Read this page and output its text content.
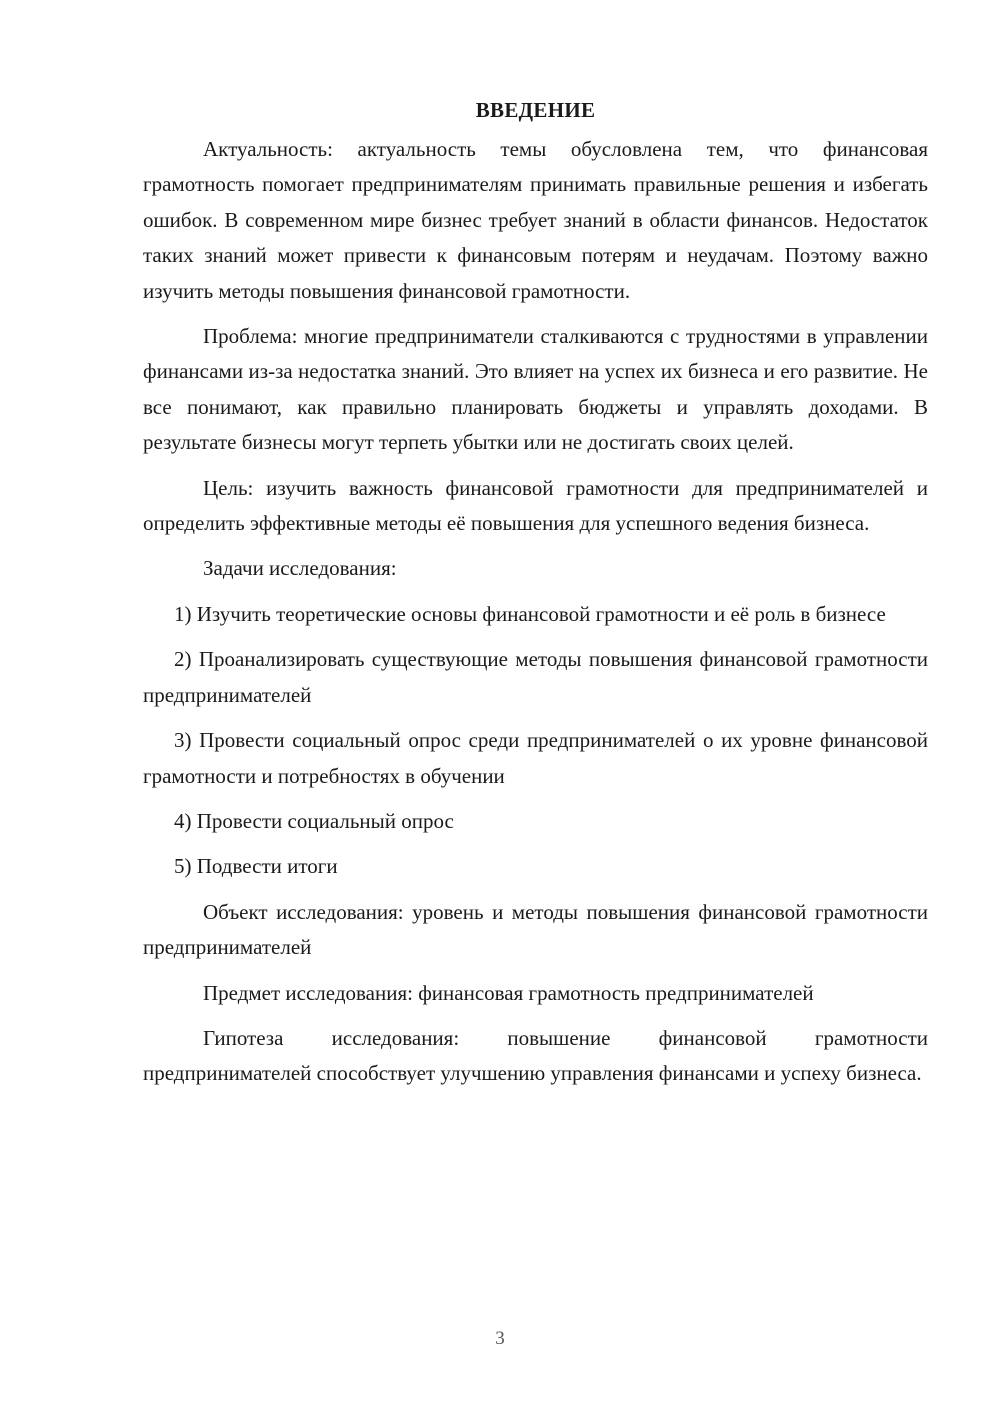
ВВЕДЕНИЕ

Актуальность: актуальность темы обусловлена тем, что финансовая грамотность помогает предпринимателям принимать правильные решения и избегать ошибок. В современном мире бизнес требует знаний в области финансов. Недостаток таких знаний может привести к финансовым потерям и неудачам. Поэтому важно изучить методы повышения финансовой грамотности.

Проблема: многие предприниматели сталкиваются с трудностями в управлении финансами из-за недостатка знаний. Это влияет на успех их бизнеса и его развитие. Не все понимают, как правильно планировать бюджеты и управлять доходами. В результате бизнесы могут терпеть убытки или не достигать своих целей.

Цель: изучить важность финансовой грамотности для предпринимателей и определить эффективные методы её повышения для успешного ведения бизнеса.

Задачи исследования:

1) Изучить теоретические основы финансовой грамотности и её роль в бизнесе

2) Проанализировать существующие методы повышения финансовой грамотности предпринимателей

3) Провести социальный опрос среди предпринимателей о их уровне финансовой грамотности и потребностях в обучении

4) Провести социальный опрос

5) Подвести итоги

Объект исследования: уровень и методы повышения финансовой грамотности предпринимателей

Предмет исследования: финансовая грамотность предпринимателей

Гипотеза исследования: повышение финансовой грамотности предпринимателей способствует улучшению управления финансами и успеху бизнеса.

3
